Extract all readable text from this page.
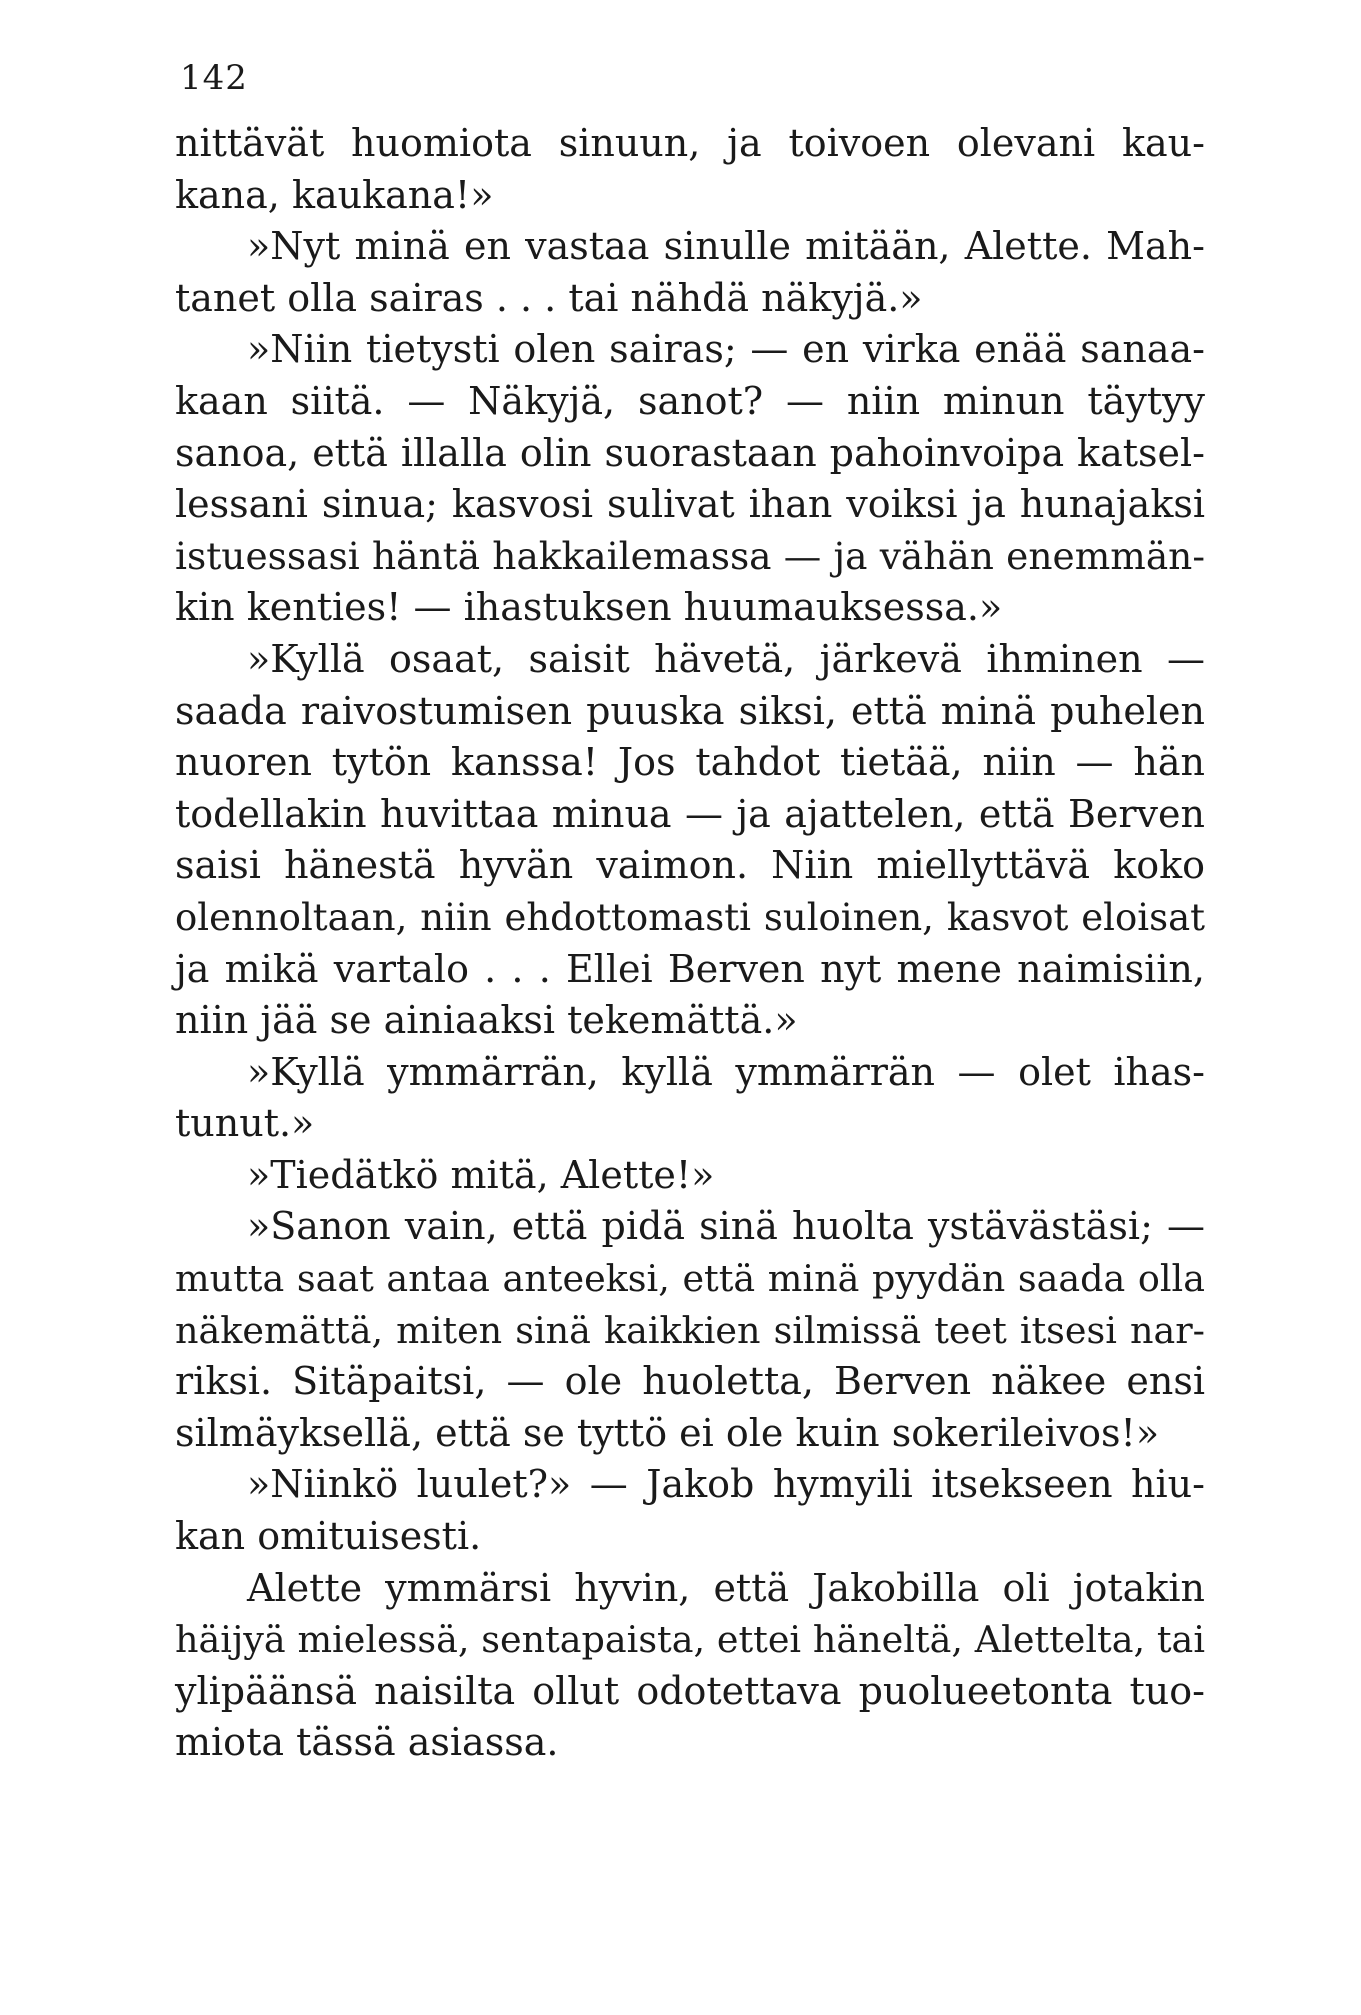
142
nittävät huomiota sinuun, ja toivoen olevani kau-
kana, kaukana!»
»Nyt minä en vastaa sinulle mitään, Alette. Mah-
tanet olla sairas . . . tai nähdä näkyjä.»
»Niin tietysti olen sairas; — en virka enää sanaa-
kaan siitä. — Näkyjä, sanot? — niin minun täytyy
sanoa, että illalla olin suorastaan pahoinvoipa katsel-
lessani sinua; kasvosi sulivat ihan voiksi ja hunajaksi
istuessasi häntä hakkailemassa — ja vähän enemmän-
kin kenties! — ihastuksen huumauksessa.»
»Kyllä osaat, saisit hävetä, järkevä ihminen —
saada raivostumisen puuska siksi, että minä puhelen
nuoren tytön kanssa! Jos tahdot tietää, niin — hän
todellakin huvittaa minua — ja ajattelen, että Berven
saisi hänestä hyvän vaimon. Niin miellyttävä koko
olennoltaan, niin ehdottomasti suloinen, kasvot eloisat
ja mikä vartalo . . . Ellei Berven nyt mene naimisiin,
niin jää se ainiaaksi tekemättä.»
»Kyllä ymmärrän, kyllä ymmärrän — olet ihas-
tunut.»
»Tiedätkö mitä, Alette!»
»Sanon vain, että pidä sinä huolta ystävästäsi; —
mutta saat antaa anteeksi, että minä pyydän saada olla
näkemättä, miten sinä kaikkien silmissä teet itsesi nar-
riksi. Sitäpaitsi, — ole huoletta, Berven näkee ensi
silmäyksellä, että se tyttö ei ole kuin sokerileivos!»
»Niinkö luulet?» — Jakob hymyili itsekseen hiu-
kan omituisesti.
Alette ymmärsi hyvin, että Jakobilla oli jotakin
häijyä mielessä, sentapaista, ettei häneltä, Alettelta, tai
ylipäänsä naisilta ollut odotettava puolueetonta tuo-
miota tässä asiassa.
